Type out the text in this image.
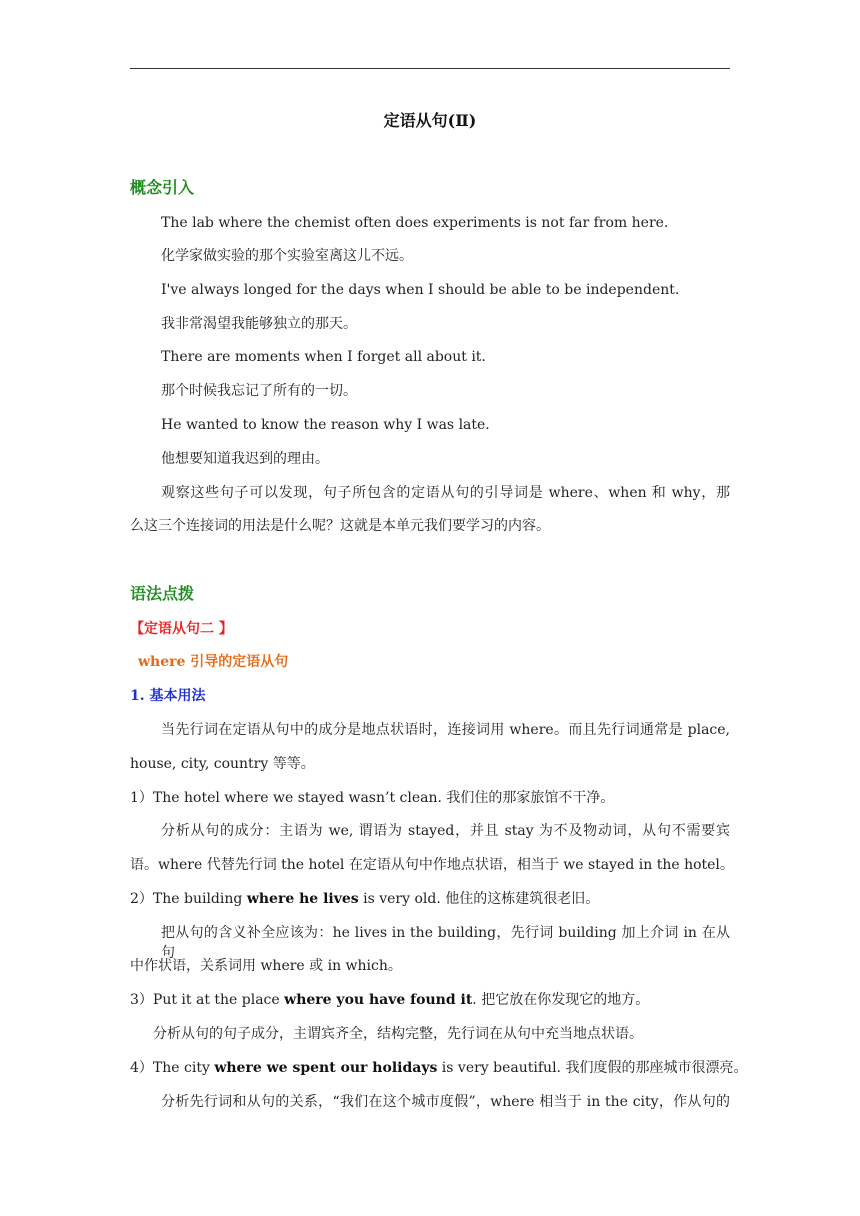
定语从句(Ⅱ)
概念引入
The lab where the chemist often does experiments is not far from here.
化学家做实验的那个实验室离这儿不远。
I've always longed for the days when I should be able to be independent.
我非常渴望我能够独立的那天。
There are moments when I forget all about it.
那个时候我忘记了所有的一切。
He wanted to know the reason why I was late.
他想要知道我迟到的理由。
观察这些句子可以发现，句子所包含的定语从句的引导词是 where、when 和 why，那
么这三个连接词的用法是什么呢？这就是本单元我们要学习的内容。
语法点拨
【定语从句二 】
where 引导的定语从句
1. 基本用法
当先行词在定语从句中的成分是地点状语时，连接词用 where。而且先行词通常是 place,
house, city, country 等等。
1）The hotel where we stayed wasn’t clean. 我们住的那家旅馆不干净。
分析从句的成分：主语为 we, 谓语为 stayed，并且 stay 为不及物动词，从句不需要宾
语。where 代替先行词 the hotel 在定语从句中作地点状语，相当于 we stayed in the hotel。
2）The building where he lives is very old. 他住的这栋建筑很老旧。
把从句的含义补全应该为：he lives in the building，先行词 building 加上介词 in 在从句
中作状语，关系词用 where 或 in which。
3）Put it at the place where you have found it. 把它放在你发现它的地方。
分析从句的句子成分，主谓宾齐全，结构完整，先行词在从句中充当地点状语。
4）The city where we spent our holidays is very beautiful. 我们度假的那座城市很漂亮。
分析先行词和从句的关系，“我们在这个城市度假”，where 相当于 in the city，作从句的
